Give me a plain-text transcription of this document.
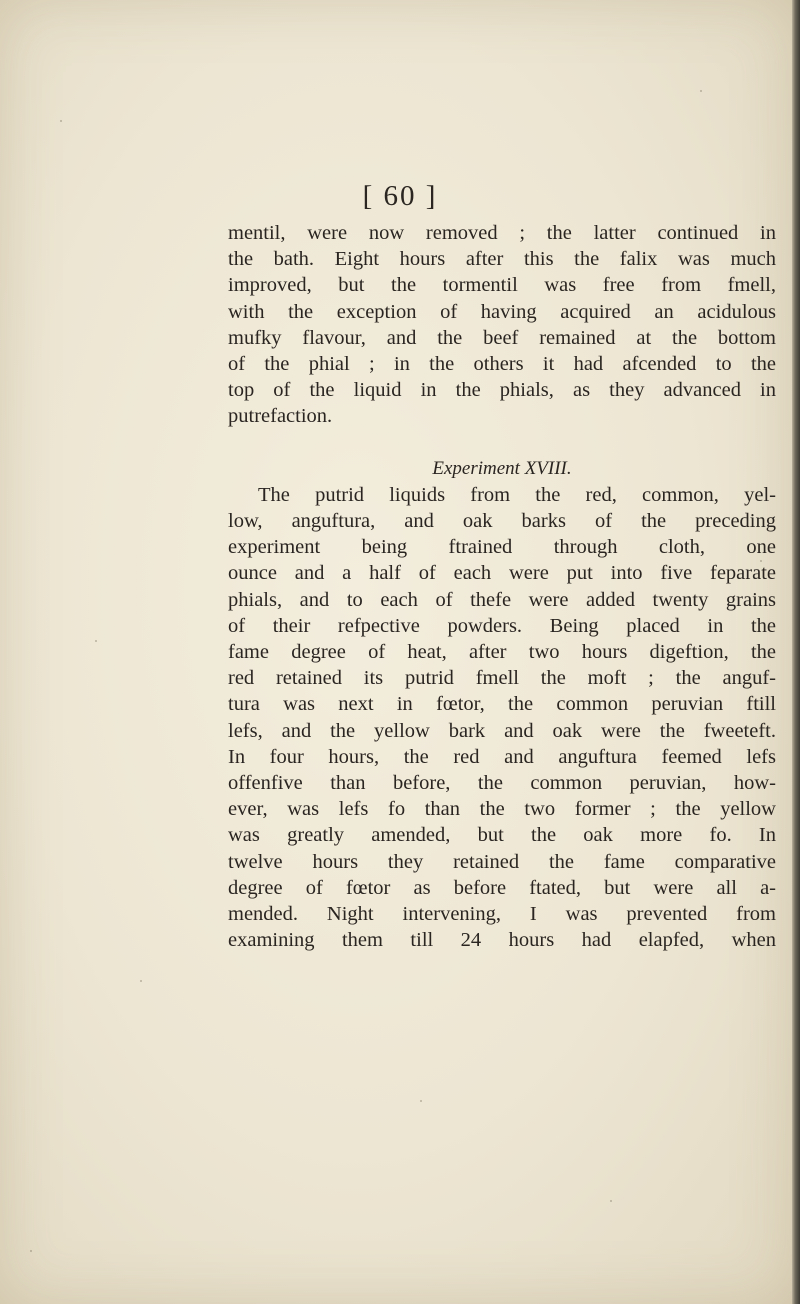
[ 60 ]
mentil, were now removed ; the latter continued in
the bath. Eight hours after this the falix was much
improved, but the tormentil was free from fmell,
with the exception of having acquired an acidulous
mufky flavour, and the beef remained at the bottom
of the phial ; in the others it had afcended to the
top of the liquid in the phials, as they advanced in
putrefaction.
Experiment XVIII.
The putrid liquids from the red, common, yel-
low, anguftura, and oak barks of the preceding
experiment being ftrained through cloth, one
ounce and a half of each were put into five feparate
phials, and to each of thefe were added twenty grains
of their refpective powders. Being placed in the
fame degree of heat, after two hours digeftion, the
red retained its putrid fmell the moft ; the anguf-
tura was next in fœtor, the common peruvian ftill
lefs, and the yellow bark and oak were the fweeteft.
In four hours, the red and anguftura feemed lefs
offenfive than before, the common peruvian, how-
ever, was lefs fo than the two former ; the yellow
was greatly amended, but the oak more fo. In
twelve hours they retained the fame comparative
degree of fœtor as before ftated, but were all a-
mended. Night intervening, I was prevented from
examining them till 24 hours had elapfed, when
